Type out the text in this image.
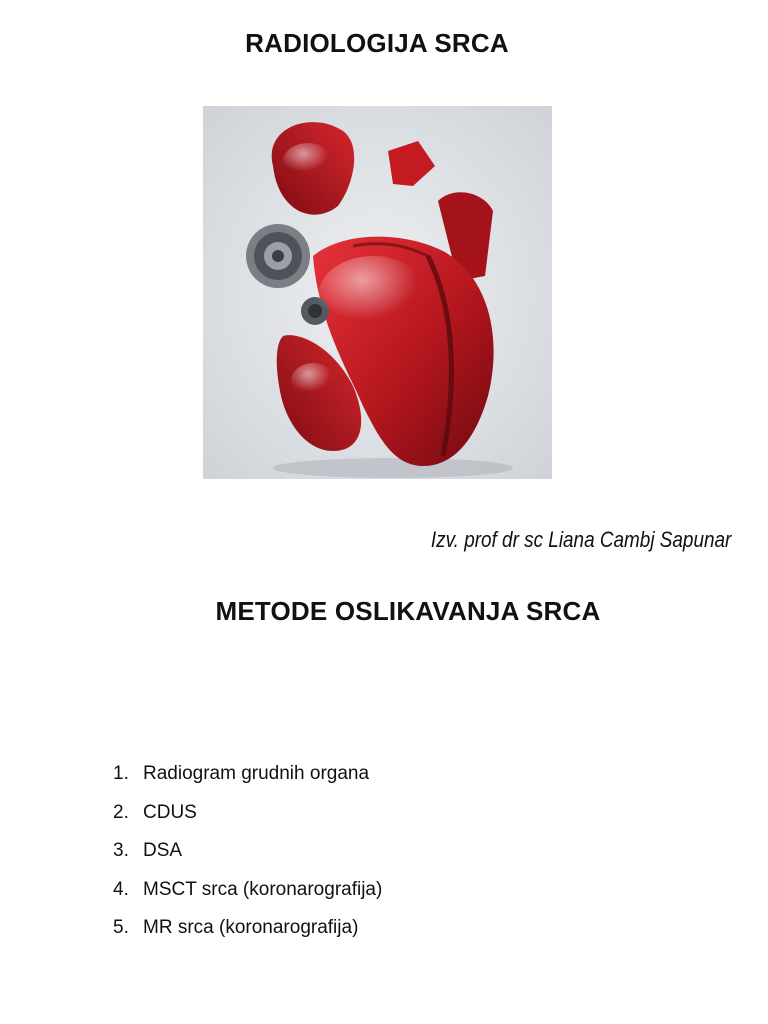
RADIOLOGIJA SRCA
Izv. prof dr sc Liana Cambj Sapunar
METODE OSLIKAVANJA SRCA
1. Radiogram grudnih organa
2. CDUS
3. DSA
4. MSCT srca (koronarografija)
5. MR srca (koronarografija)
